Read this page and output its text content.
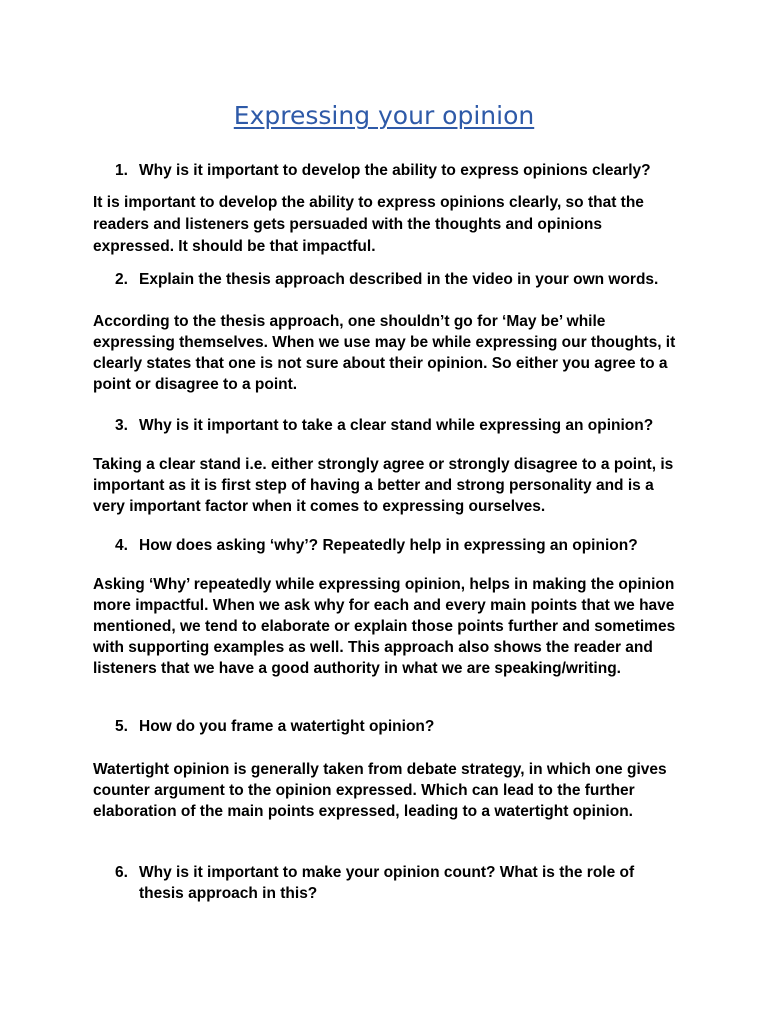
Expressing your opinion
1. Why is it important to develop the ability to express opinions clearly?

It is important to develop the ability to express opinions clearly, so that the readers and listeners gets persuaded with the thoughts and opinions expressed. It should be that impactful.

2. Explain the thesis approach described in the video in your own words.

According to the thesis approach, one shouldn’t go for ‘May be’ while expressing themselves. When we use may be while expressing our thoughts, it clearly states that one is not sure about their opinion. So either you agree to a point or disagree to a point.

3. Why is it important to take a clear stand while expressing an opinion?

Taking a clear stand i.e. either strongly agree or strongly disagree to a point, is important as it is first step of having a better and strong personality and is a very important factor when it comes to expressing ourselves.

4. How does asking ‘why’? Repeatedly help in expressing an opinion?

Asking ‘Why’ repeatedly while expressing opinion, helps in making the opinion more impactful. When we ask why for each and every main points that we have mentioned, we tend to elaborate or explain those points further and sometimes with supporting examples as well. This approach also shows the reader and listeners that we have a good authority in what we are speaking/writing.

5. How do you frame a watertight opinion?

Watertight opinion is generally taken from debate strategy, in which one gives counter argument to the opinion expressed. Which can lead to the further elaboration of the main points expressed, leading to a watertight opinion.

6. Why is it important to make your opinion count? What is the role of thesis approach in this?
